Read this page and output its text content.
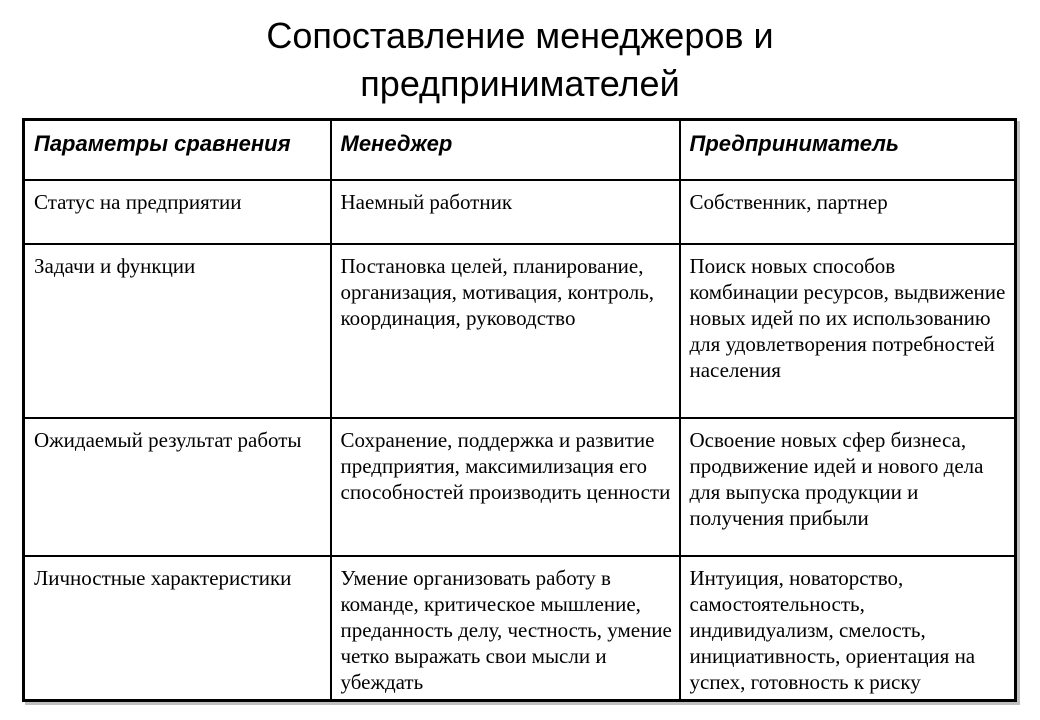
Сопоставление менеджеров и
предпринимателей
Параметры сравнения	Менеджер	Предприниматель
Статус на предприятии	Наемный работник	Собственник, партнер
Задачи и функции	Постановка целей, планирование, организация, мотивация, контроль, координация, руководство	Поиск новых способов комбинации ресурсов, выдвижение новых идей по их использованию для удовлетворения потребностей населения
Ожидаемый результат работы	Сохранение, поддержка и развитие предприятия, максимилизация его способностей производить ценности	Освоение новых сфер бизнеса, продвижение идей и нового дела для выпуска продукции и получения прибыли
Личностные характеристики	Умение организовать работу в команде, критическое мышление, преданность делу, честность, умение четко выражать свои мысли и убеждать	Интуиция, новаторство, самостоятельность, индивидуализм, смелость, инициативность, ориентация на успех, готовность к риску
